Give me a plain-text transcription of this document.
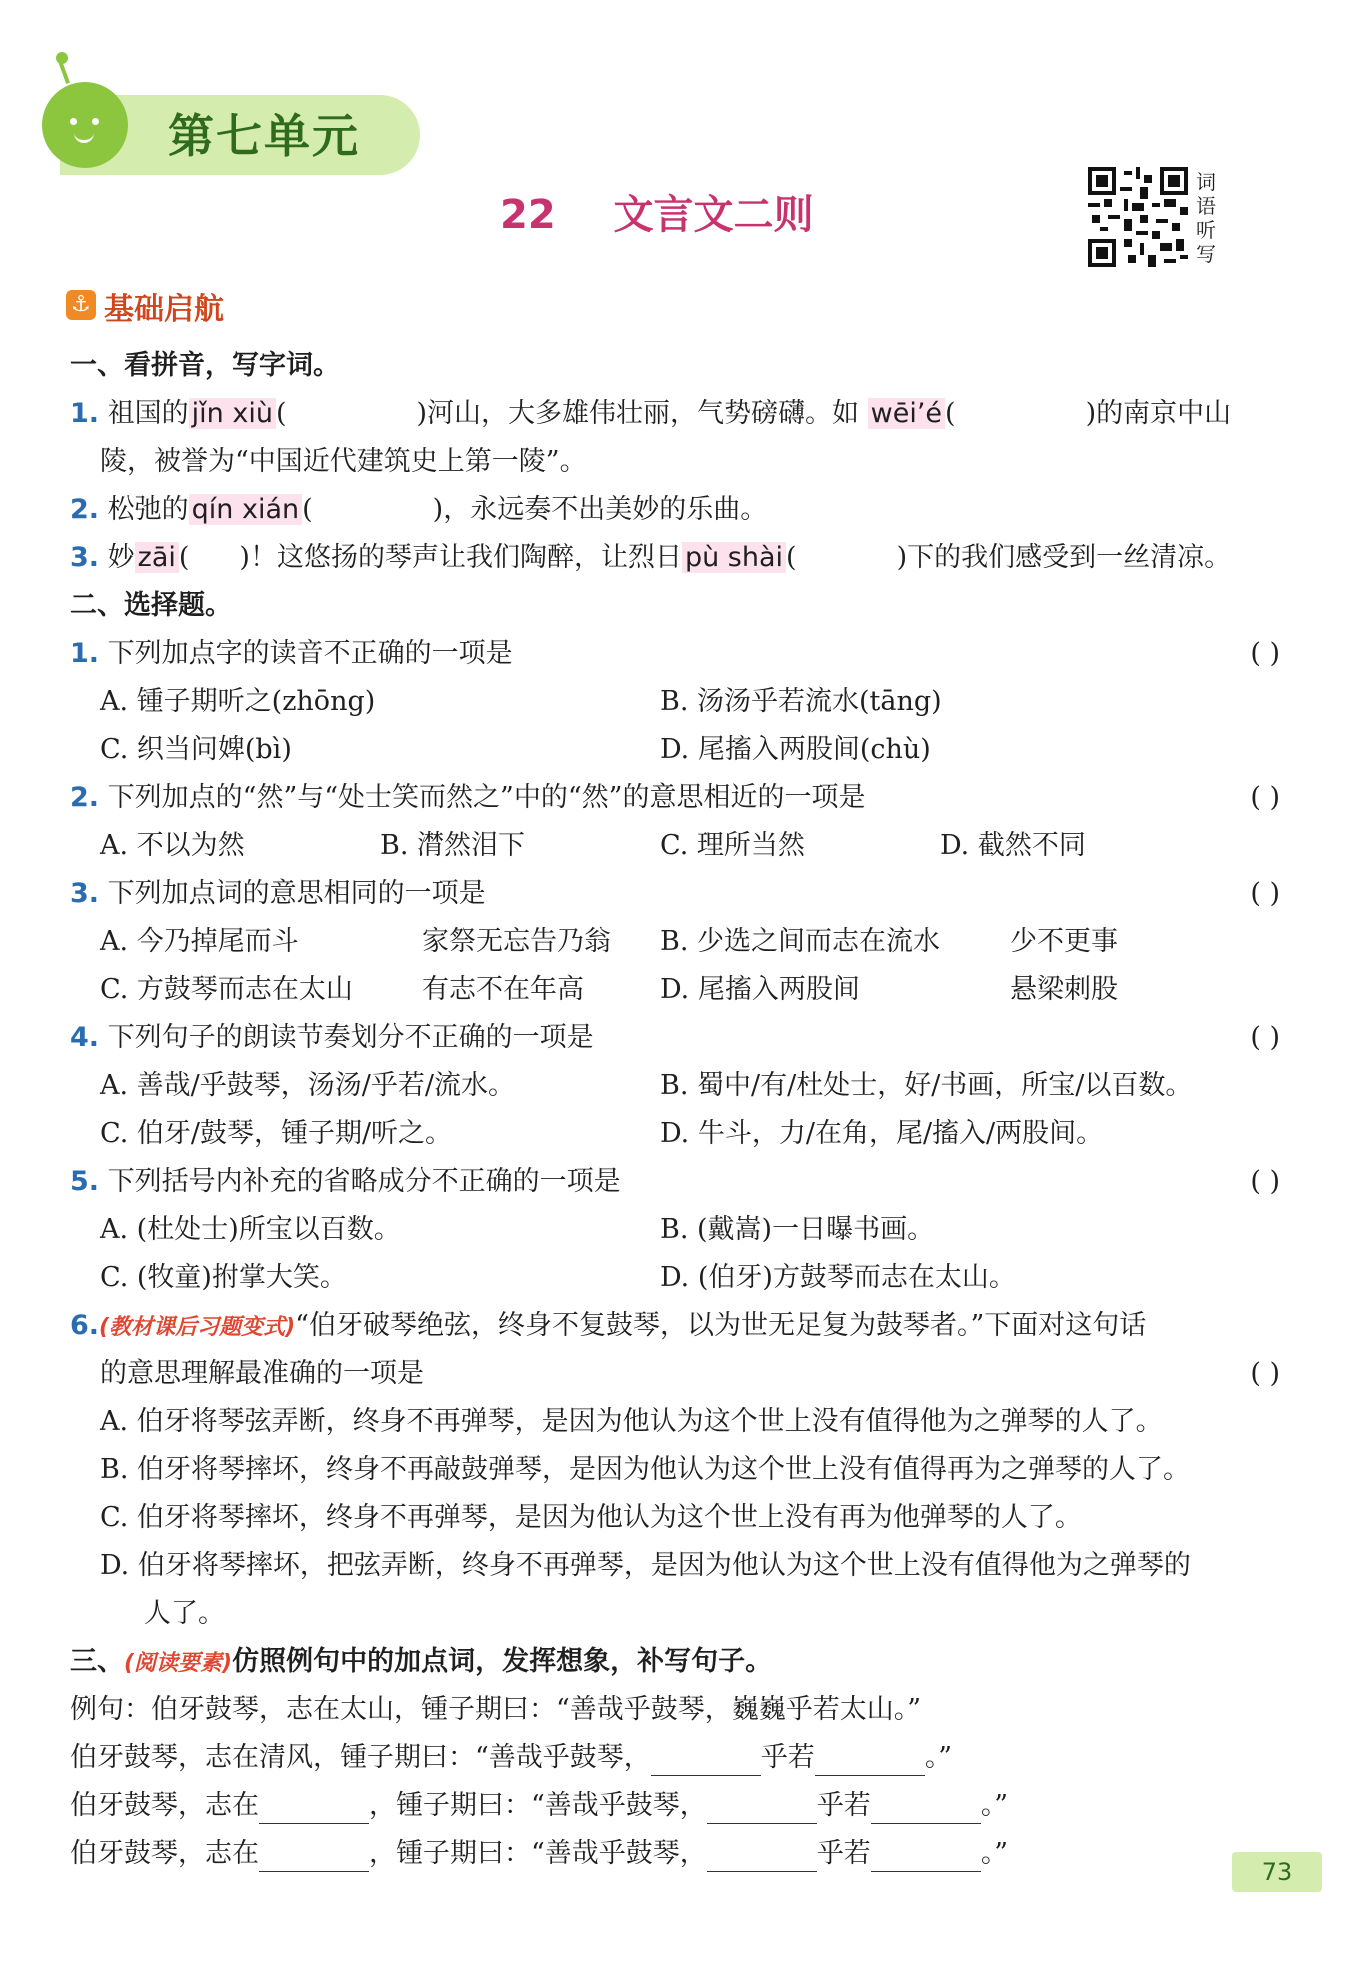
第七单元
22 文言文二则
词
语
听
写
⚓ 基础启航
一、看拼音，写字词。
1. 祖国的 jǐn xiù (	)河山，大多雄伟壮丽，气势磅礴。如 wēi’é (	)的南京中山
陵，被誉为“中国近代建筑史上第一陵”。
2. 松弛的 qín xián (	)，永远奏不出美妙的乐曲。
3. 妙 zāi ( )！这悠扬的琴声让我们陶醉，让烈日 pù shài (	)下的我们感受到一丝清凉。
二、选择题。
1. 下列加点字的读音不正确的一项是	( )
A. 锺子期听之(zhōng)	B. 汤汤乎若流水(tāng)
C. 织当问婢(bì)	D. 尾搐入两股间(chù)
2. 下列加点的“然”与“处士笑而然之”中的“然”的意思相近的一项是	( )
A. 不以为然	B. 潸然泪下	C. 理所当然	D. 截然不同
3. 下列加点词的意思相同的一项是	( )
A. 今乃掉尾而斗	家祭无忘告乃翁	B. 少选之间而志在流水	少不更事
C. 方鼓琴而志在太山	有志不在年高	D. 尾搐入两股间	悬梁刺股
4. 下列句子的朗读节奏划分不正确的一项是	( )
A. 善哉/乎鼓琴，汤汤/乎若/流水。	B. 蜀中/有/杜处士，好/书画，所宝/以百数。
C. 伯牙/鼓琴，锺子期/听之。	D. 牛斗，力/在角，尾/搐入/两股间。
5. 下列括号内补充的省略成分不正确的一项是	( )
A. (杜处士)所宝以百数。	B. (戴嵩)一日曝书画。
C. (牧童)拊掌大笑。	D. (伯牙)方鼓琴而志在太山。
6.(教材课后习题变式)“伯牙破琴绝弦，终身不复鼓琴，以为世无足复为鼓琴者。”下面对这句话
的意思理解最准确的一项是	( )
A. 伯牙将琴弦弄断，终身不再弹琴，是因为他认为这个世上没有值得他为之弹琴的人了。
B. 伯牙将琴摔坏，终身不再敲鼓弹琴，是因为他认为这个世上没有值得再为之弹琴的人了。
C. 伯牙将琴摔坏，终身不再弹琴，是因为他认为这个世上没有再为他弹琴的人了。
D. 伯牙将琴摔坏，把弦弄断，终身不再弹琴，是因为他认为这个世上没有值得他为之弹琴的
人了。
三、(阅读要素)仿照例句中的加点词，发挥想象，补写句子。
例句：伯牙鼓琴，志在太山，锺子期曰：“善哉乎鼓琴，巍巍乎若太山。”
伯牙鼓琴，志在清风，锺子期曰：“善哉乎鼓琴，	乎若	。”
伯牙鼓琴，志在	，锺子期曰：“善哉乎鼓琴，	乎若	。”
伯牙鼓琴，志在	，锺子期曰：“善哉乎鼓琴，	乎若	。”
73
